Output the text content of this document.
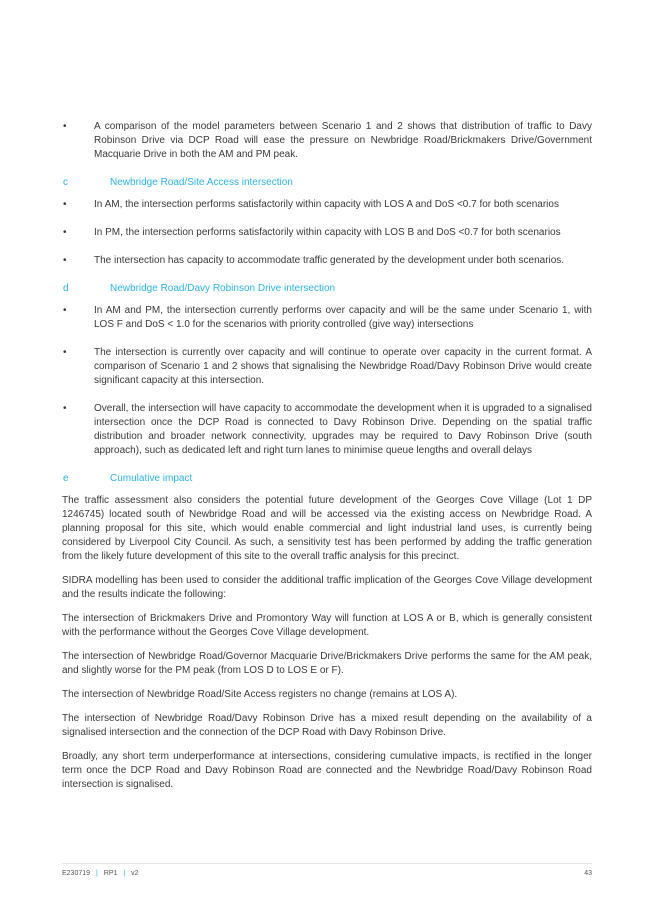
•	A comparison of the model parameters between Scenario 1 and 2 shows that distribution of traffic to Davy Robinson Drive via DCP Road will ease the pressure on Newbridge Road/Brickmakers Drive/Government Macquarie Drive in both the AM and PM peak.
c	Newbridge Road/Site Access intersection
•	In AM, the intersection performs satisfactorily within capacity with LOS A and DoS <0.7 for both scenarios
•	In PM, the intersection performs satisfactorily within capacity with LOS B and DoS <0.7 for both scenarios
•	The intersection has capacity to accommodate traffic generated by the development under both scenarios.
d	Newbridge Road/Davy Robinson Drive intersection
•	In AM and PM, the intersection currently performs over capacity and will be the same under Scenario 1, with LOS F and DoS < 1.0 for the scenarios with priority controlled (give way) intersections
•	The intersection is currently over capacity and will continue to operate over capacity in the current format. A comparison of Scenario 1 and 2 shows that signalising the Newbridge Road/Davy Robinson Drive would create significant capacity at this intersection.
•	Overall, the intersection will have capacity to accommodate the development when it is upgraded to a signalised intersection once the DCP Road is connected to Davy Robinson Drive. Depending on the spatial traffic distribution and broader network connectivity, upgrades may be required to Davy Robinson Drive (south approach), such as dedicated left and right turn lanes to minimise queue lengths and overall delays
e	Cumulative impact

The traffic assessment also considers the potential future development of the Georges Cove Village (Lot 1 DP 1246745) located south of Newbridge Road and will be accessed via the existing access on Newbridge Road. A planning proposal for this site, which would enable commercial and light industrial land uses, is currently being considered by Liverpool City Council. As such, a sensitivity test has been performed by adding the traffic generation from the likely future development of this site to the overall traffic analysis for this precinct.

SIDRA modelling has been used to consider the additional traffic implication of the Georges Cove Village development and the results indicate the following:

The intersection of Brickmakers Drive and Promontory Way will function at LOS A or B, which is generally consistent with the performance without the Georges Cove Village development.

The intersection of Newbridge Road/Governor Macquarie Drive/Brickmakers Drive performs the same for the AM peak, and slightly worse for the PM peak (from LOS D to LOS E or F).

The intersection of Newbridge Road/Site Access registers no change (remains at LOS A).

The intersection of Newbridge Road/Davy Robinson Drive has a mixed result depending on the availability of a signalised intersection and the connection of the DCP Road with Davy Robinson Drive.

Broadly, any short term underperformance at intersections, considering cumulative impacts, is rectified in the longer term once the DCP Road and Davy Robinson Road are connected and the Newbridge Road/Davy Robinson Road intersection is signalised.

E230719 | RP1 | v2	43
